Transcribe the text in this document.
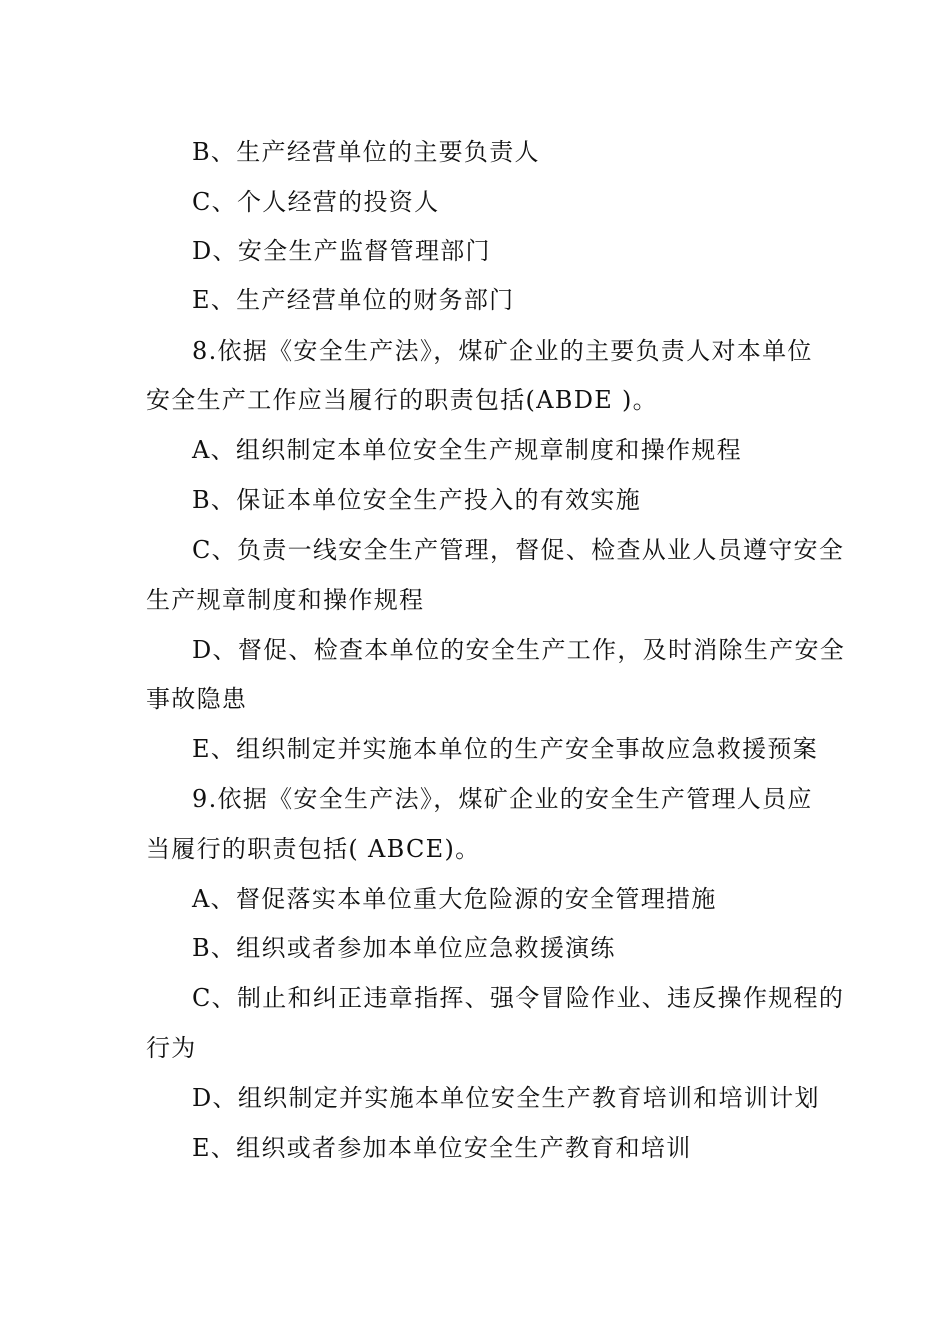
B、生产经营单位的主要负责人
C、个人经营的投资人
D、安全生产监督管理部门
E、生产经营单位的财务部门
8.依据《安全生产法》，煤矿企业的主要负责人对本单位
安全生产工作应当履行的职责包括(ABDE )。
A、组织制定本单位安全生产规章制度和操作规程
B、保证本单位安全生产投入的有效实施
C、负责一线安全生产管理，督促、检查从业人员遵守安全
生产规章制度和操作规程
D、督促、检查本单位的安全生产工作，及时消除生产安全
事故隐患
E、组织制定并实施本单位的生产安全事故应急救援预案
9.依据《安全生产法》，煤矿企业的安全生产管理人员应
当履行的职责包括( ABCE)。
A、督促落实本单位重大危险源的安全管理措施
B、组织或者参加本单位应急救援演练
C、制止和纠正违章指挥、强令冒险作业、违反操作规程的
行为
D、组织制定并实施本单位安全生产教育培训和培训计划
E、组织或者参加本单位安全生产教育和培训
